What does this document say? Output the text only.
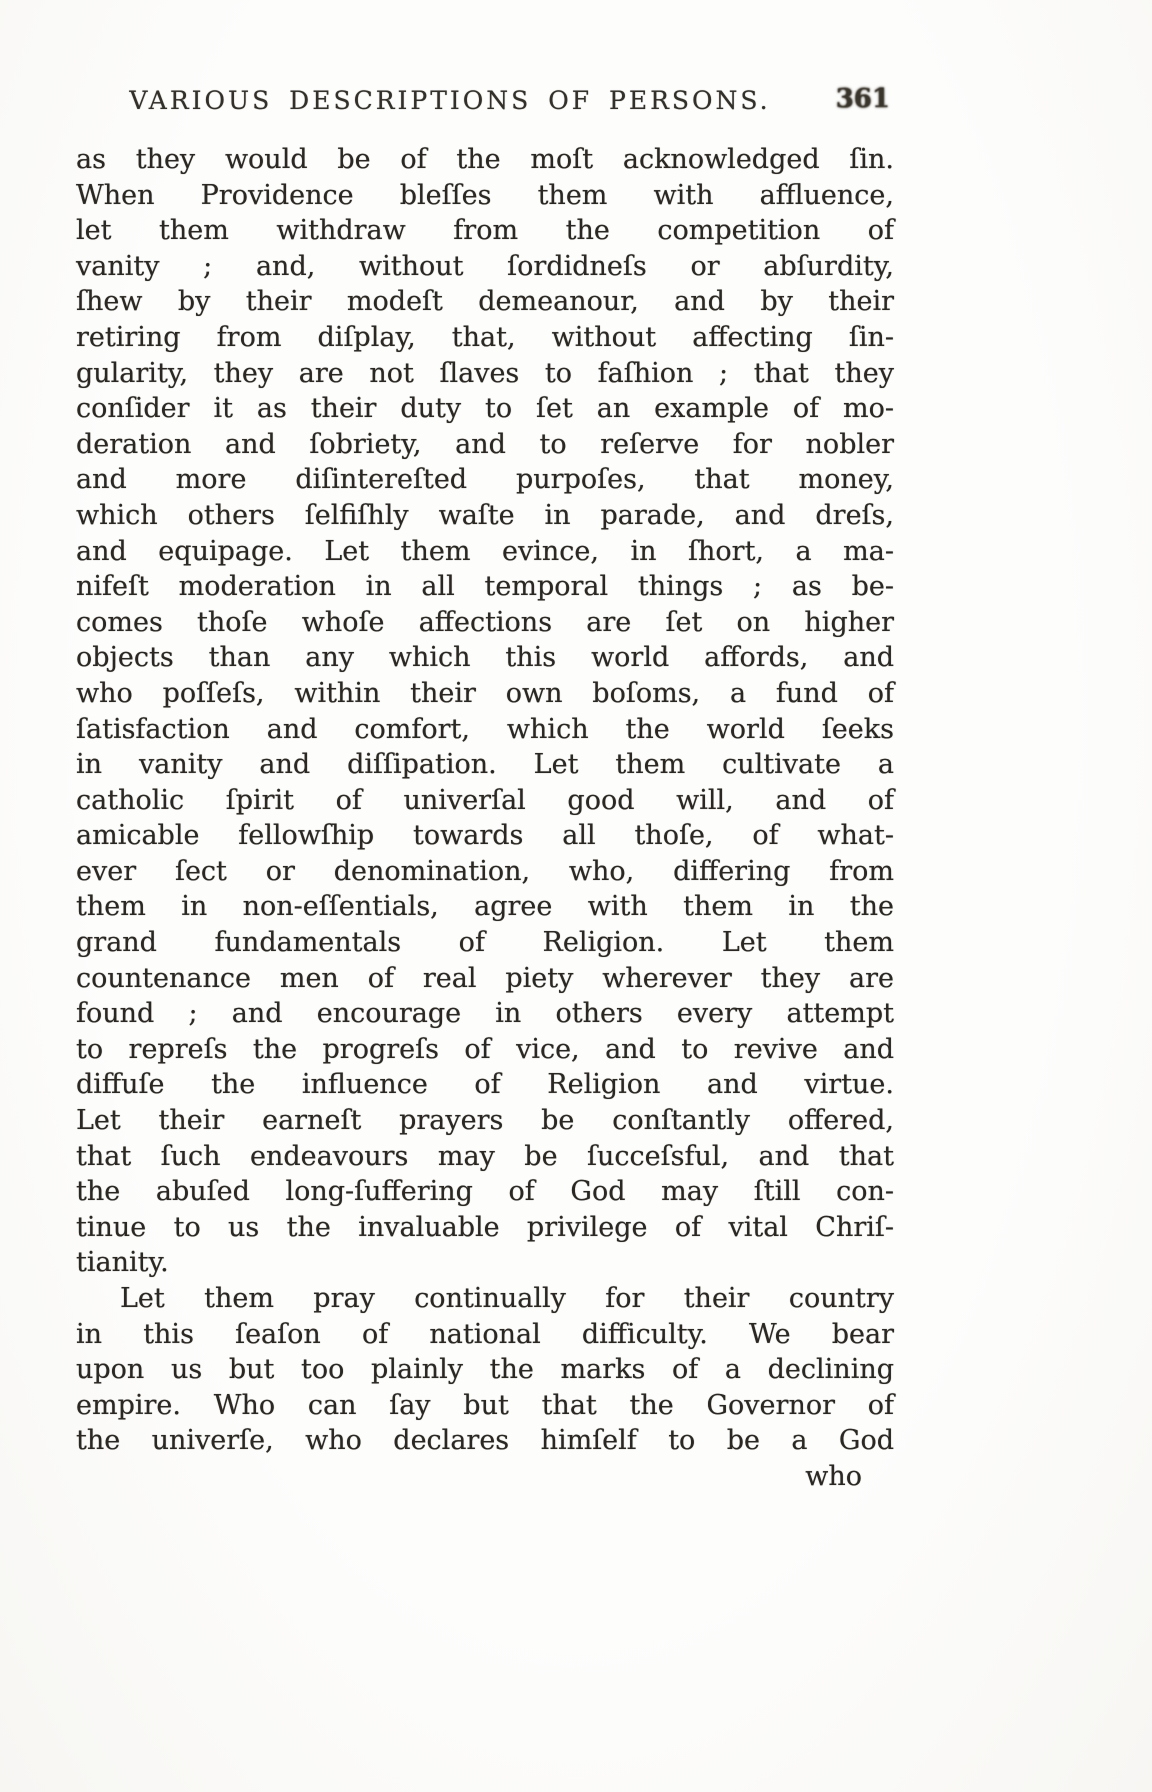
VARIOUS DESCRIPTIONS OF PERSONS.	361
as they would be of the moſt acknowledged ſin.
When Providence bleſſes them with affluence,
let them withdraw from the competition of
vanity ; and, without ſordidneſs or abſurdity,
ſhew by their modeſt demeanour, and by their
retiring from diſplay, that, without affecting ſin-
gularity, they are not ſlaves to faſhion ; that they
conſider it as their duty to ſet an example of mo-
deration and ſobriety, and to reſerve for nobler
and more diſintereſted purpoſes, that money,
which others ſelfiſhly waſte in parade, and dreſs,
and equipage. Let them evince, in ſhort, a ma-
nifeſt moderation in all temporal things ; as be-
comes thoſe whoſe affections are ſet on higher
objects than any which this world affords, and
who poſſeſs, within their own boſoms, a fund of
ſatisfaction and comfort, which the world ſeeks
in vanity and diſſipation. Let them cultivate a
catholic ſpirit of univerſal good will, and of
amicable fellowſhip towards all thoſe, of what-
ever ſect or denomination, who, differing from
them in non-eſſentials, agree with them in the
grand fundamentals of Religion. Let them
countenance men of real piety wherever they are
found ; and encourage in others every attempt
to repreſs the progreſs of vice, and to revive and
diffuſe the influence of Religion and virtue.
Let their earneſt prayers be conſtantly offered,
that ſuch endeavours may be ſucceſsful, and that
the abuſed long-ſuffering of God may ſtill con-
tinue to us the invaluable privilege of vital Chriſ-
tianity.
Let them pray continually for their country
in this ſeaſon of national difficulty. We bear
upon us but too plainly the marks of a declining
empire. Who can ſay but that the Governor of
the univerſe, who declares himſelf to be a God
who
